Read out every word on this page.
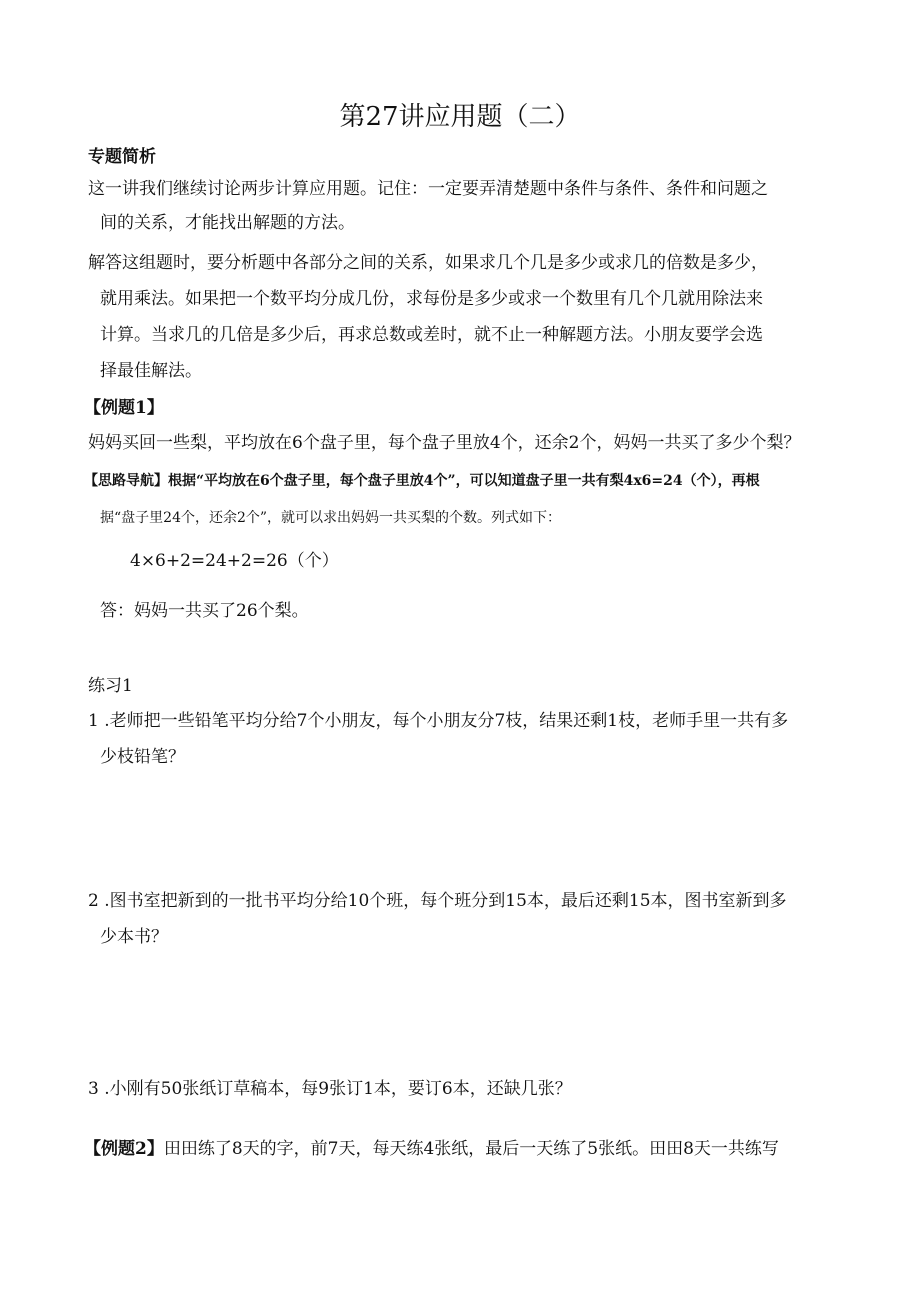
第27讲应用题（二）
专题简析
这一讲我们继续讨论两步计算应用题。记住：一定要弄清楚题中条件与条件、条件和问题之
间的关系，才能找出解题的方法。
解答这组题时，要分析题中各部分之间的关系，如果求几个几是多少或求几的倍数是多少，
就用乘法。如果把一个数平均分成几份，求每份是多少或求一个数里有几个几就用除法来
计算。当求几的几倍是多少后，再求总数或差时，就不止一种解题方法。小朋友要学会选
择最佳解法。
【例题1】
妈妈买回一些梨，平均放在6个盘子里，每个盘子里放4个，还余2个，妈妈一共买了多少个梨？
【思路导航】根据“平均放在6个盘子里，每个盘子里放4个”，可以知道盘子里一共有梨4x6=24（个），再根
据“盘子里24个，还余2个”，就可以求出妈妈一共买梨的个数。列式如下：
4×6+2=24+2=26（个）
答：妈妈一共买了26个梨。
练习1
1 .老师把一些铅笔平均分给7个小朋友，每个小朋友分7枝，结果还剩1枝，老师手里一共有多
少枝铅笔？
2 .图书室把新到的一批书平均分给10个班，每个班分到15本，最后还剩15本，图书室新到多
少本书？
3 .小刚有50张纸订草稿本，每9张订1本，要订6本，还缺几张？
【例题2】田田练了8天的字，前7天，每天练4张纸，最后一天练了5张纸。田田8天一共练写
